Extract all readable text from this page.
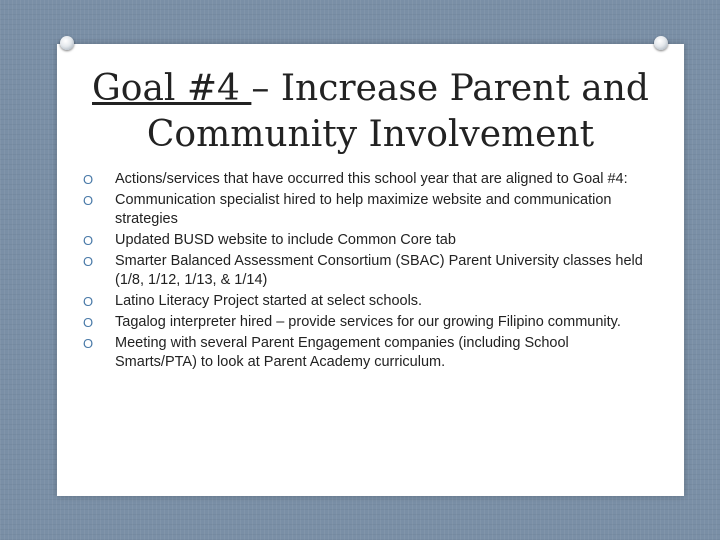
Goal #4 – Increase Parent and Community Involvement
O Actions/services that have occurred this school year that are aligned to Goal #4:
O Communication specialist hired to help maximize website and communication strategies
O Updated BUSD website to include Common Core tab
O Smarter Balanced Assessment Consortium (SBAC) Parent University classes held (1/8, 1/12, 1/13, & 1/14)
O Latino Literacy Project started at select schools.
O Tagalog interpreter hired – provide services for our growing Filipino community.
O Meeting with several Parent Engagement companies (including School Smarts/PTA) to look at Parent Academy curriculum.
